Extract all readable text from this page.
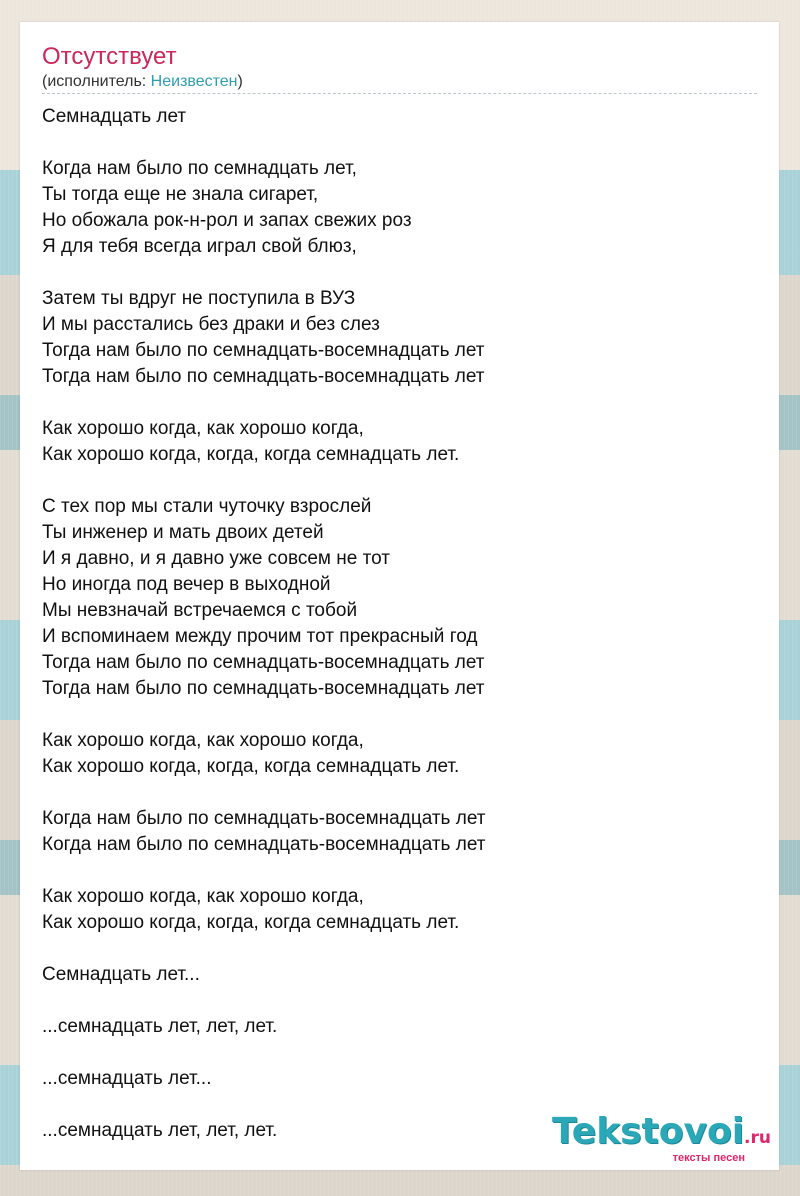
Отсутствует
(исполнитель: Неизвестен)
Семнадцать лет
Когда нам было по семнадцать лет,
Ты тогда еще не знала сигарет,
Но обожала рок-н-рол и запах свежих роз
Я для тебя всегда играл свой блюз,
Затем ты вдруг не поступила в ВУЗ
И мы расстались без драки и без слез
Тогда нам было по семнадцать-восемнадцать лет
Тогда нам было по семнадцать-восемнадцать лет
Как хорошо когда, как хорошо когда,
Как хорошо когда, когда, когда семнадцать лет.
С тех пор мы стали чуточку взрослей
Ты инженер и мать двоих детей
И я давно, и я давно уже совсем не тот
Но иногда под вечер в выходной
Мы невзначай встречаемся с тобой
И вспоминаем между прочим тот прекрасный год
Тогда нам было по семнадцать-восемнадцать лет
Тогда нам было по семнадцать-восемнадцать лет
Как хорошо когда, как хорошо когда,
Как хорошо когда, когда, когда семнадцать лет.
Когда нам было по семнадцать-восемнадцать лет
Когда нам было по семнадцать-восемнадцать лет
Как хорошо когда, как хорошо когда,
Как хорошо когда, когда, когда семнадцать лет.
Семнадцать лет...
...семнадцать лет, лет, лет.
...семнадцать лет...
...семнадцать лет, лет, лет.	Tekstovoi.ru
тексты песен
